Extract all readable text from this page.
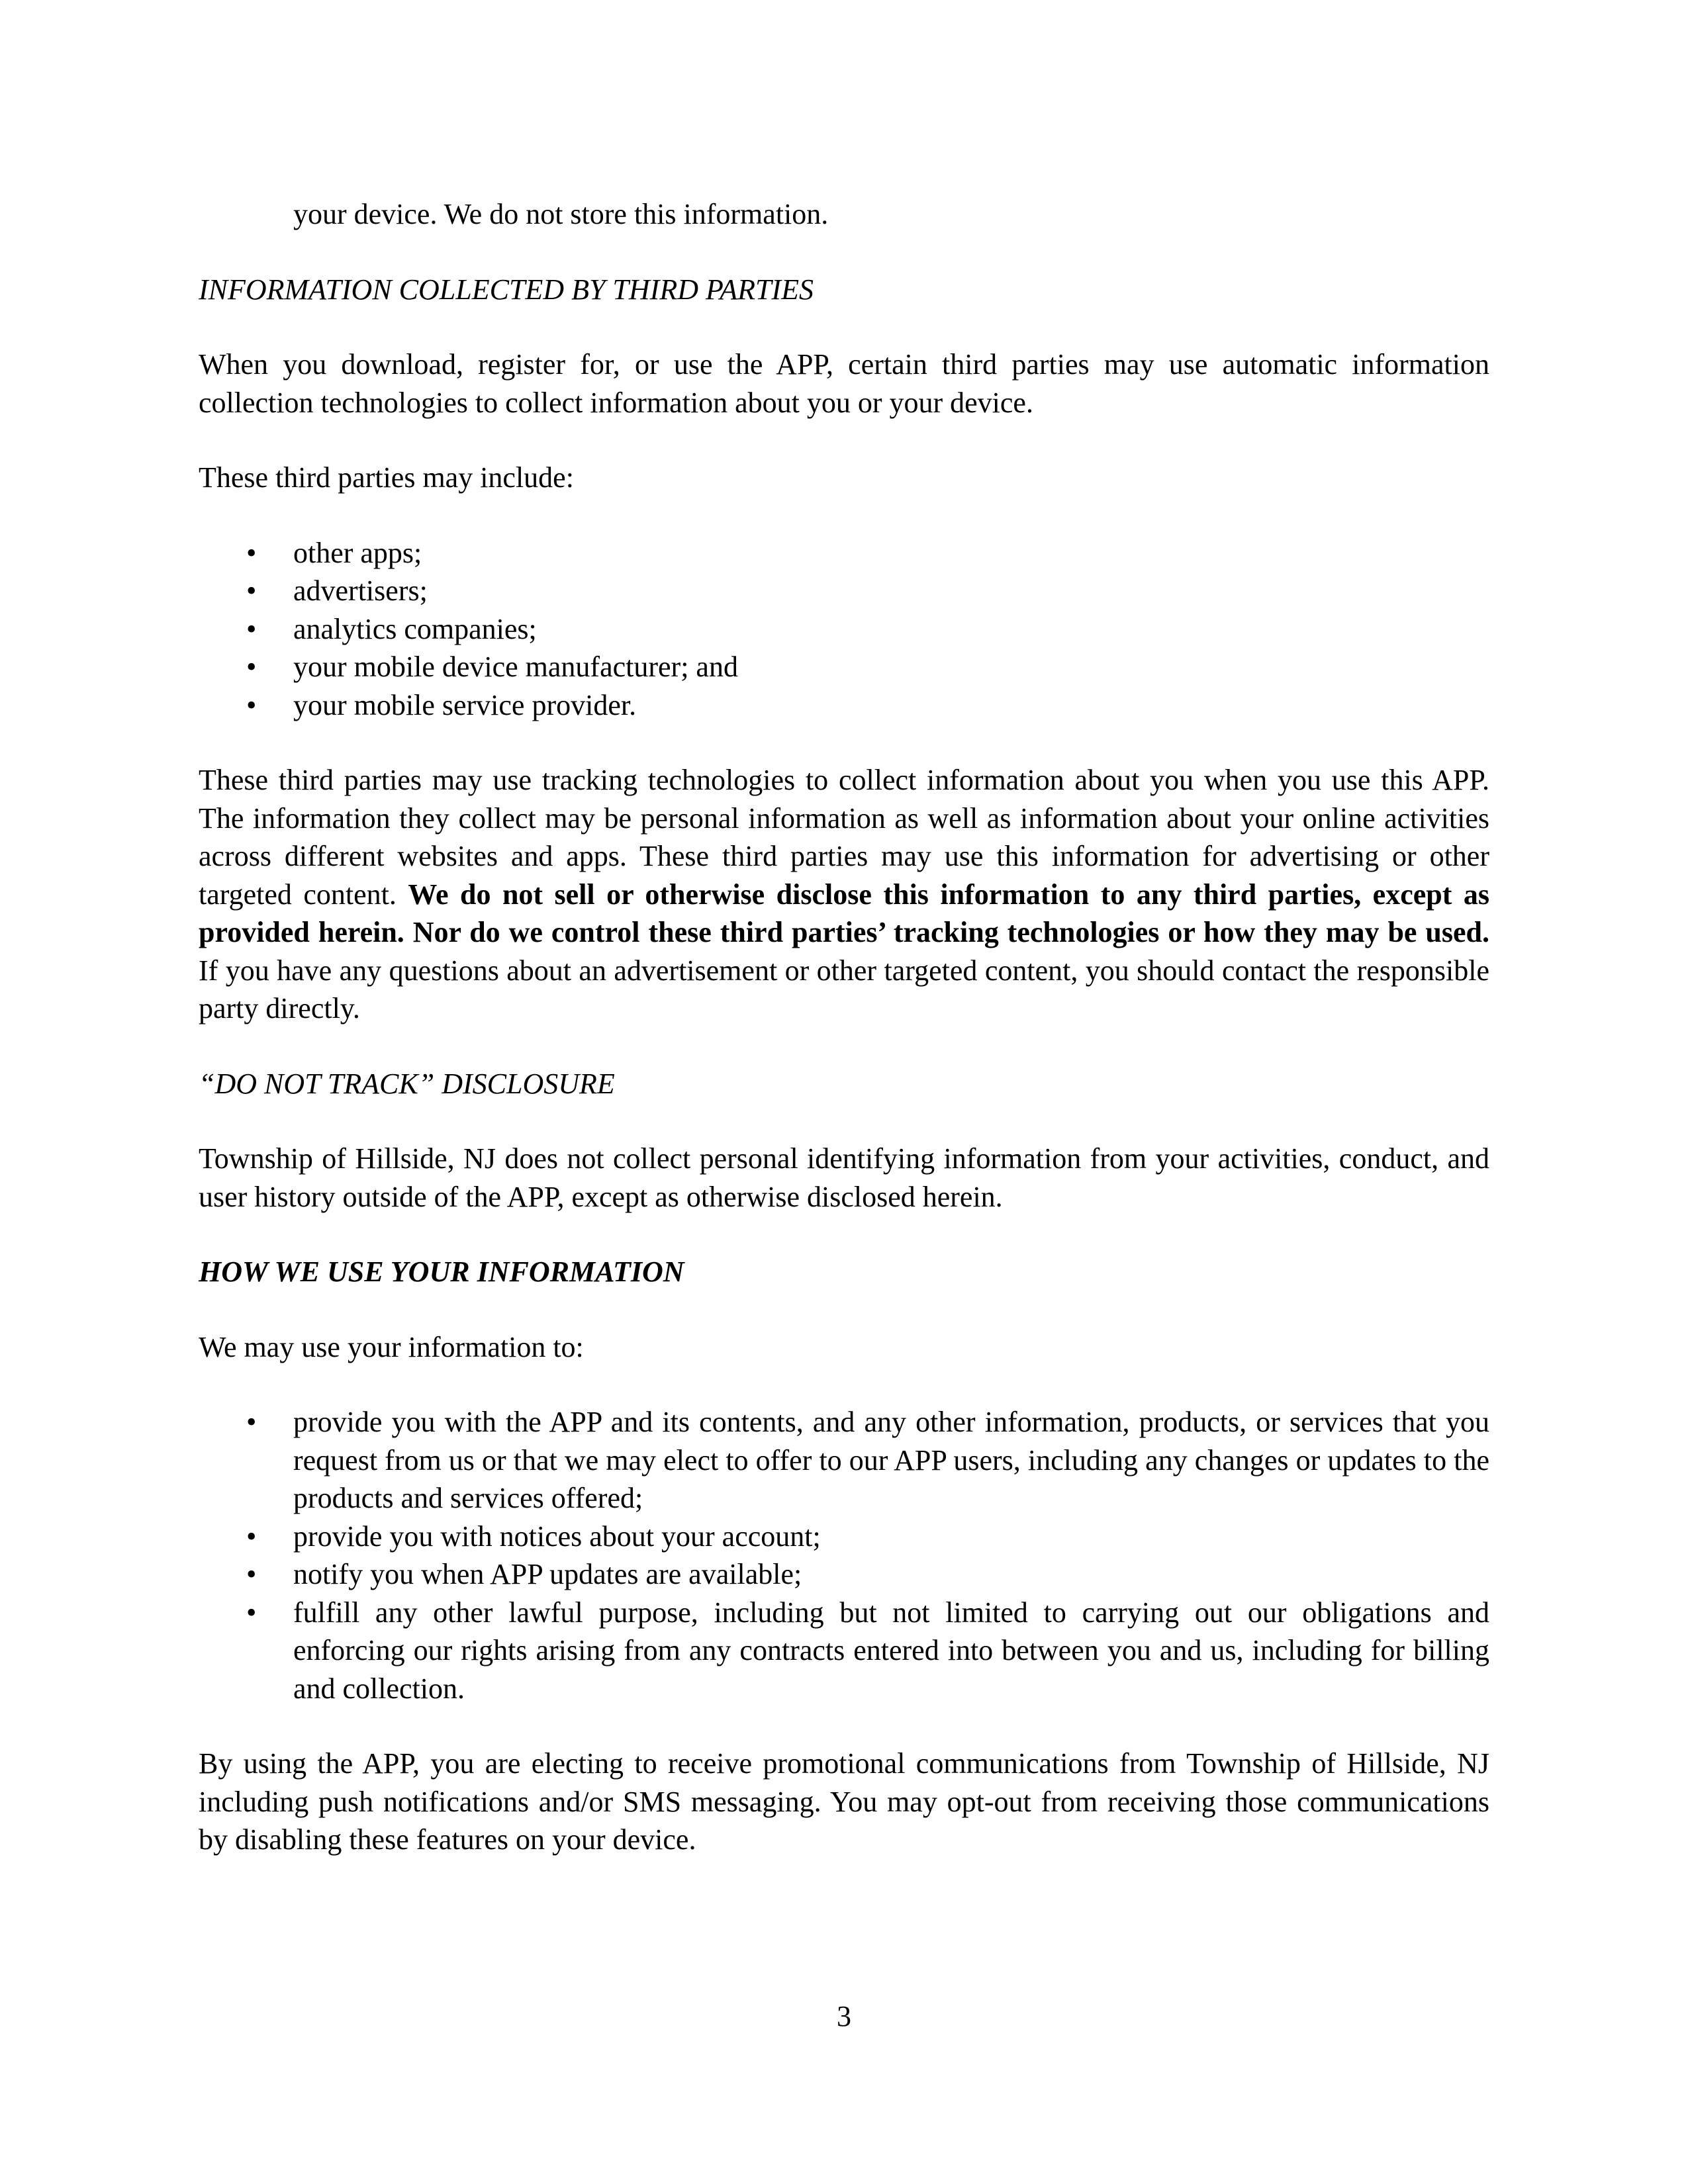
your device. We do not store this information.

INFORMATION COLLECTED BY THIRD PARTIES

When you download, register for, or use the APP, certain third parties may use automatic information collection technologies to collect information about you or your device.

These third parties may include:

• other apps;
• advertisers;
• analytics companies;
• your mobile device manufacturer; and
• your mobile service provider.

These third parties may use tracking technologies to collect information about you when you use this APP. The information they collect may be personal information as well as information about your online activities across different websites and apps. These third parties may use this information for advertising or other targeted content. We do not sell or otherwise disclose this information to any third parties, except as provided herein. Nor do we control these third parties’ tracking technologies or how they may be used. If you have any questions about an advertisement or other targeted content, you should contact the responsible party directly.

“DO NOT TRACK” DISCLOSURE

Township of Hillside, NJ does not collect personal identifying information from your activities, conduct, and user history outside of the APP, except as otherwise disclosed herein.

HOW WE USE YOUR INFORMATION

We may use your information to:

• provide you with the APP and its contents, and any other information, products, or services that you request from us or that we may elect to offer to our APP users, including any changes or updates to the products and services offered;
• provide you with notices about your account;
• notify you when APP updates are available;
• fulfill any other lawful purpose, including but not limited to carrying out our obligations and enforcing our rights arising from any contracts entered into between you and us, including for billing and collection.

By using the APP, you are electing to receive promotional communications from Township of Hillside, NJ including push notifications and/or SMS messaging. You may opt-out from receiving those communications by disabling these features on your device.

3
